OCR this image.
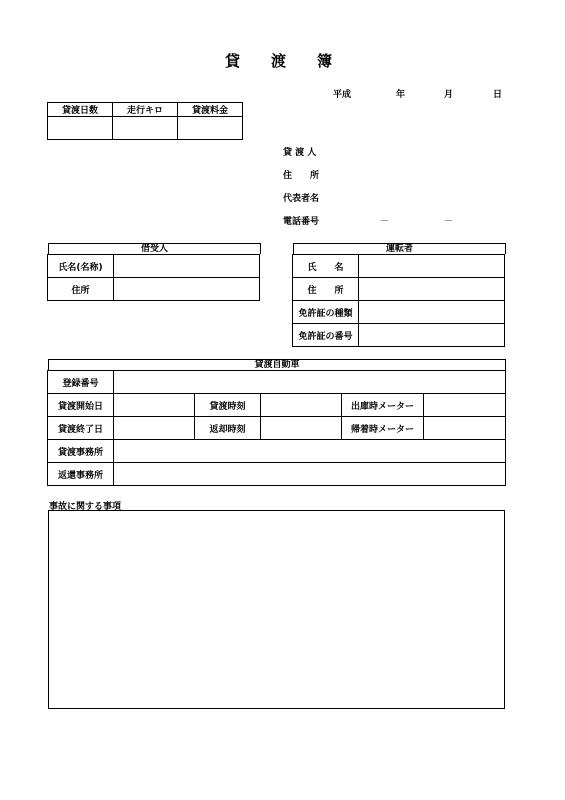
貸　渡　簿
平成	年	月	日
貸渡日数	走行キロ	貸渡料金

貸 渡 人
住　　所
代表者名
電話番号	－	－
借受人
氏名(名称)	
住所	
運転者
氏　　名	
住　　所	
免許証の種類	
免許証の番号	
貸渡自動車
登録番号					
貸渡開始日		貸渡時刻		出庫時メーター	
貸渡終了日		返却時刻		帰着時メーター	
貸渡事務所					
返還事務所					
事故に関する事項
